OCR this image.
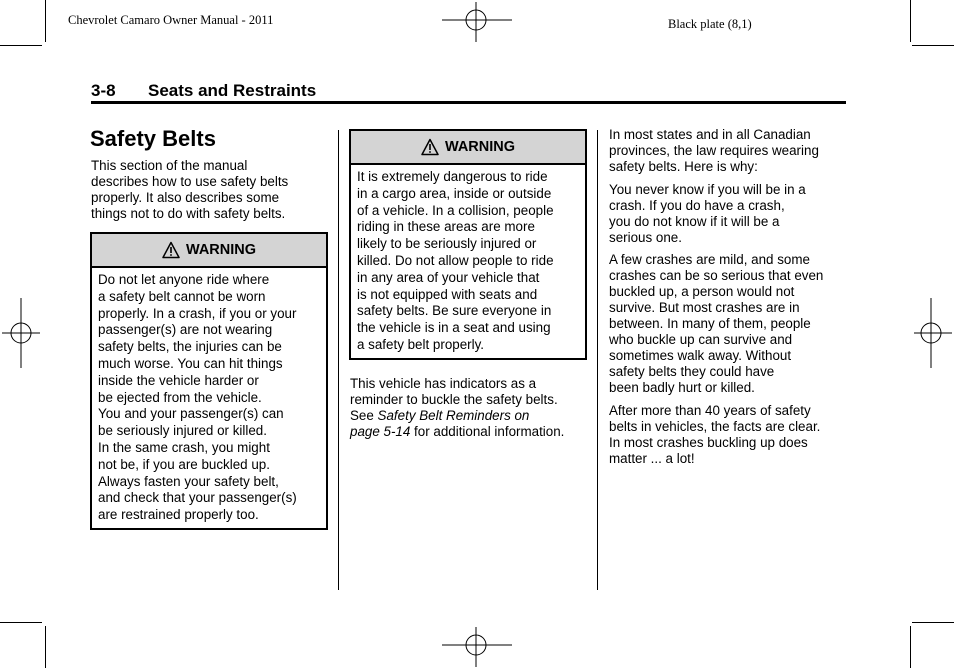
Chevrolet Camaro Owner Manual - 2011	Black plate (8,1)
3-8 Seats and Restraints
Safety Belts
This section of the manual
describes how to use safety belts
properly. It also describes some
things not to do with safety belts.
WARNING
Do not let anyone ride where
a safety belt cannot be worn
properly. In a crash, if you or your
passenger(s) are not wearing
safety belts, the injuries can be
much worse. You can hit things
inside the vehicle harder or
be ejected from the vehicle.
You and your passenger(s) can
be seriously injured or killed.
In the same crash, you might
not be, if you are buckled up.
Always fasten your safety belt,
and check that your passenger(s)
are restrained properly too.
WARNING
It is extremely dangerous to ride
in a cargo area, inside or outside
of a vehicle. In a collision, people
riding in these areas are more
likely to be seriously injured or
killed. Do not allow people to ride
in any area of your vehicle that
is not equipped with seats and
safety belts. Be sure everyone in
the vehicle is in a seat and using
a safety belt properly.
This vehicle has indicators as a
reminder to buckle the safety belts.
See Safety Belt Reminders on
page 5-14 for additional information.
In most states and in all Canadian
provinces, the law requires wearing
safety belts. Here is why:
You never know if you will be in a
crash. If you do have a crash,
you do not know if it will be a
serious one.
A few crashes are mild, and some
crashes can be so serious that even
buckled up, a person would not
survive. But most crashes are in
between. In many of them, people
who buckle up can survive and
sometimes walk away. Without
safety belts they could have
been badly hurt or killed.
After more than 40 years of safety
belts in vehicles, the facts are clear.
In most crashes buckling up does
matter ... a lot!
